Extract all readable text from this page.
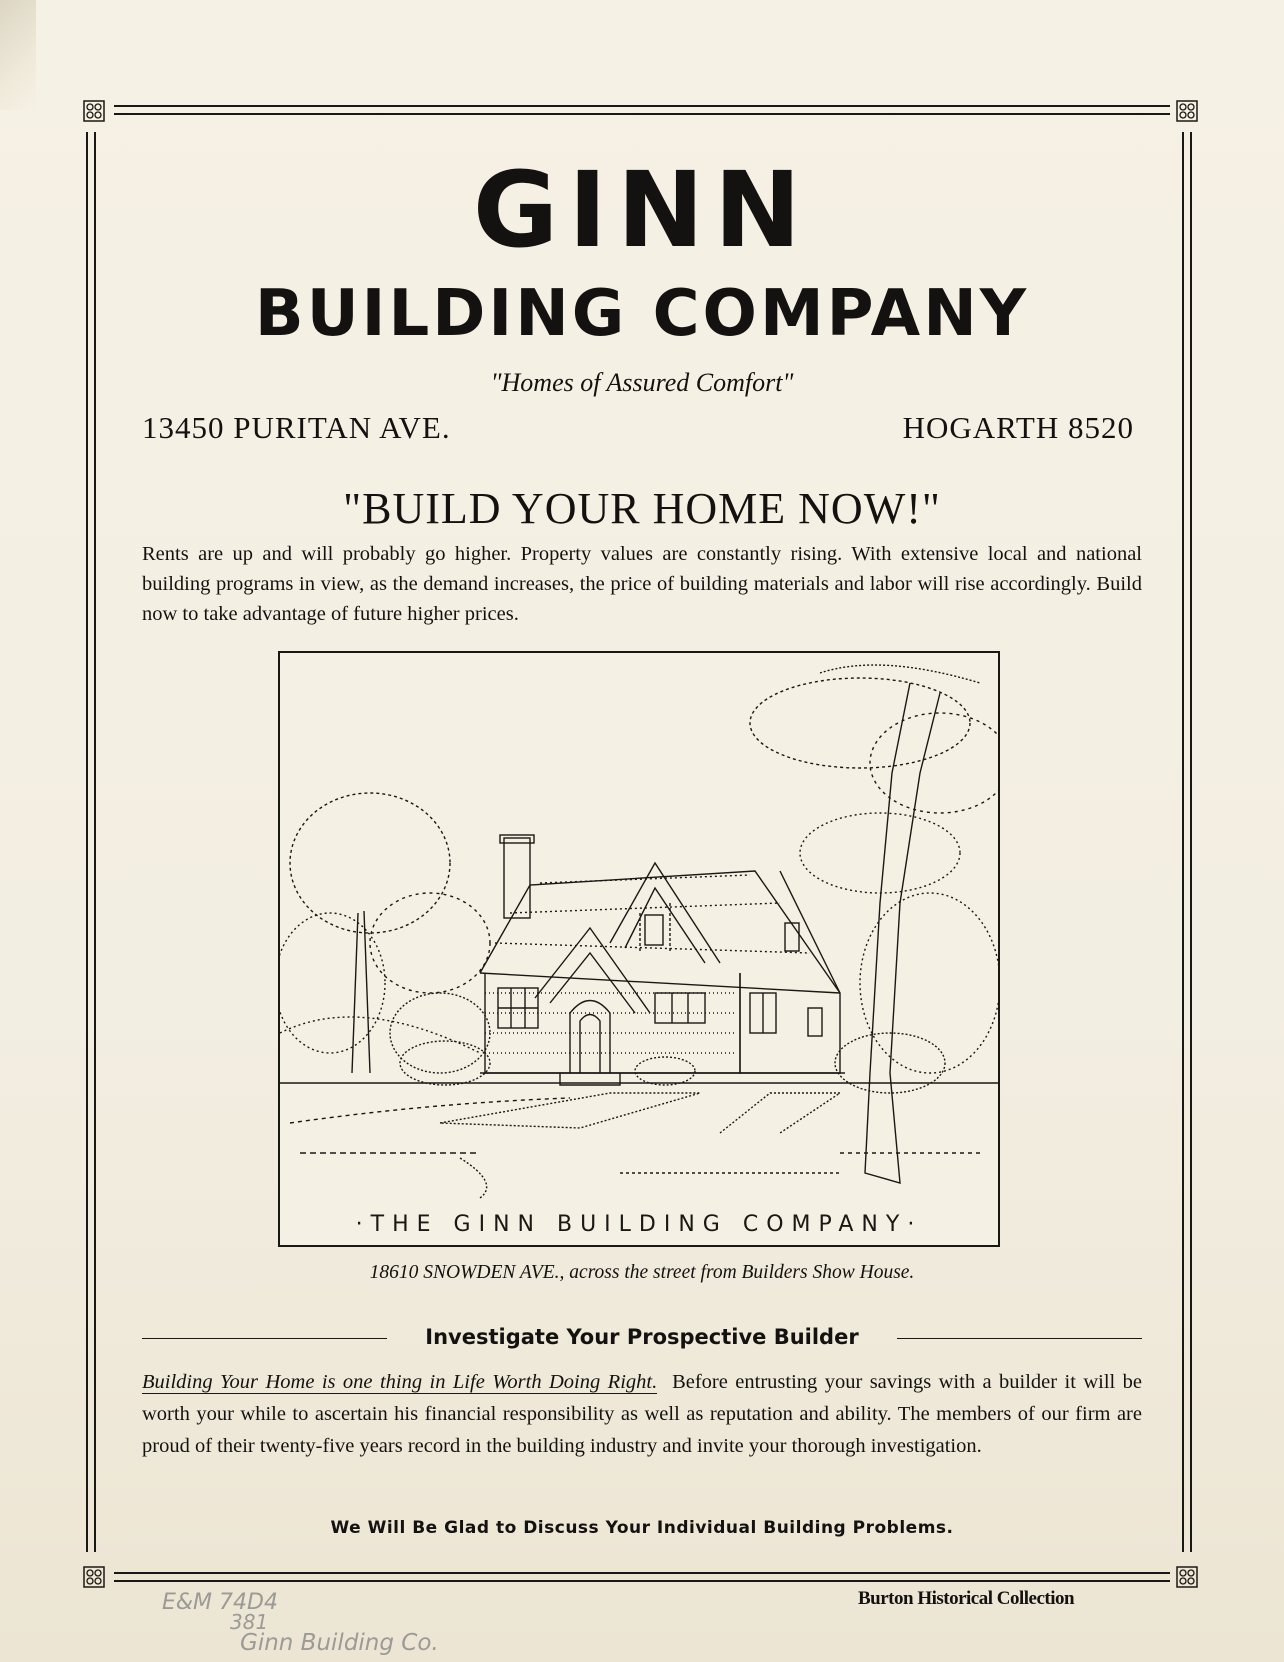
GINN
BUILDING COMPANY
"Homes of Assured Comfort"
13450 PURITAN AVE.	HOGARTH 8520
"BUILD YOUR HOME NOW!"

Rents are up and will probably go higher. Property values are constantly rising. With extensive local and national building programs in view, as the demand increases, the price of building materials and labor will rise accordingly. Build now to take advantage of future higher prices.

·THE GINN BUILDING COMPANY·
18610 SNOWDEN AVE., across the street from Builders Show House.
Investigate Your Prospective Builder

Building Your Home is one thing in Life Worth Doing Right. Before entrusting your savings with a builder it will be worth your while to ascertain his financial responsibility as well as reputation and ability. The members of our firm are proud of their twenty-five years record in the building industry and invite your thorough investigation.

We Will Be Glad to Discuss Your Individual Building Problems.
Burton Historical Collection
E&M 74D4
381
Ginn Building Co.
